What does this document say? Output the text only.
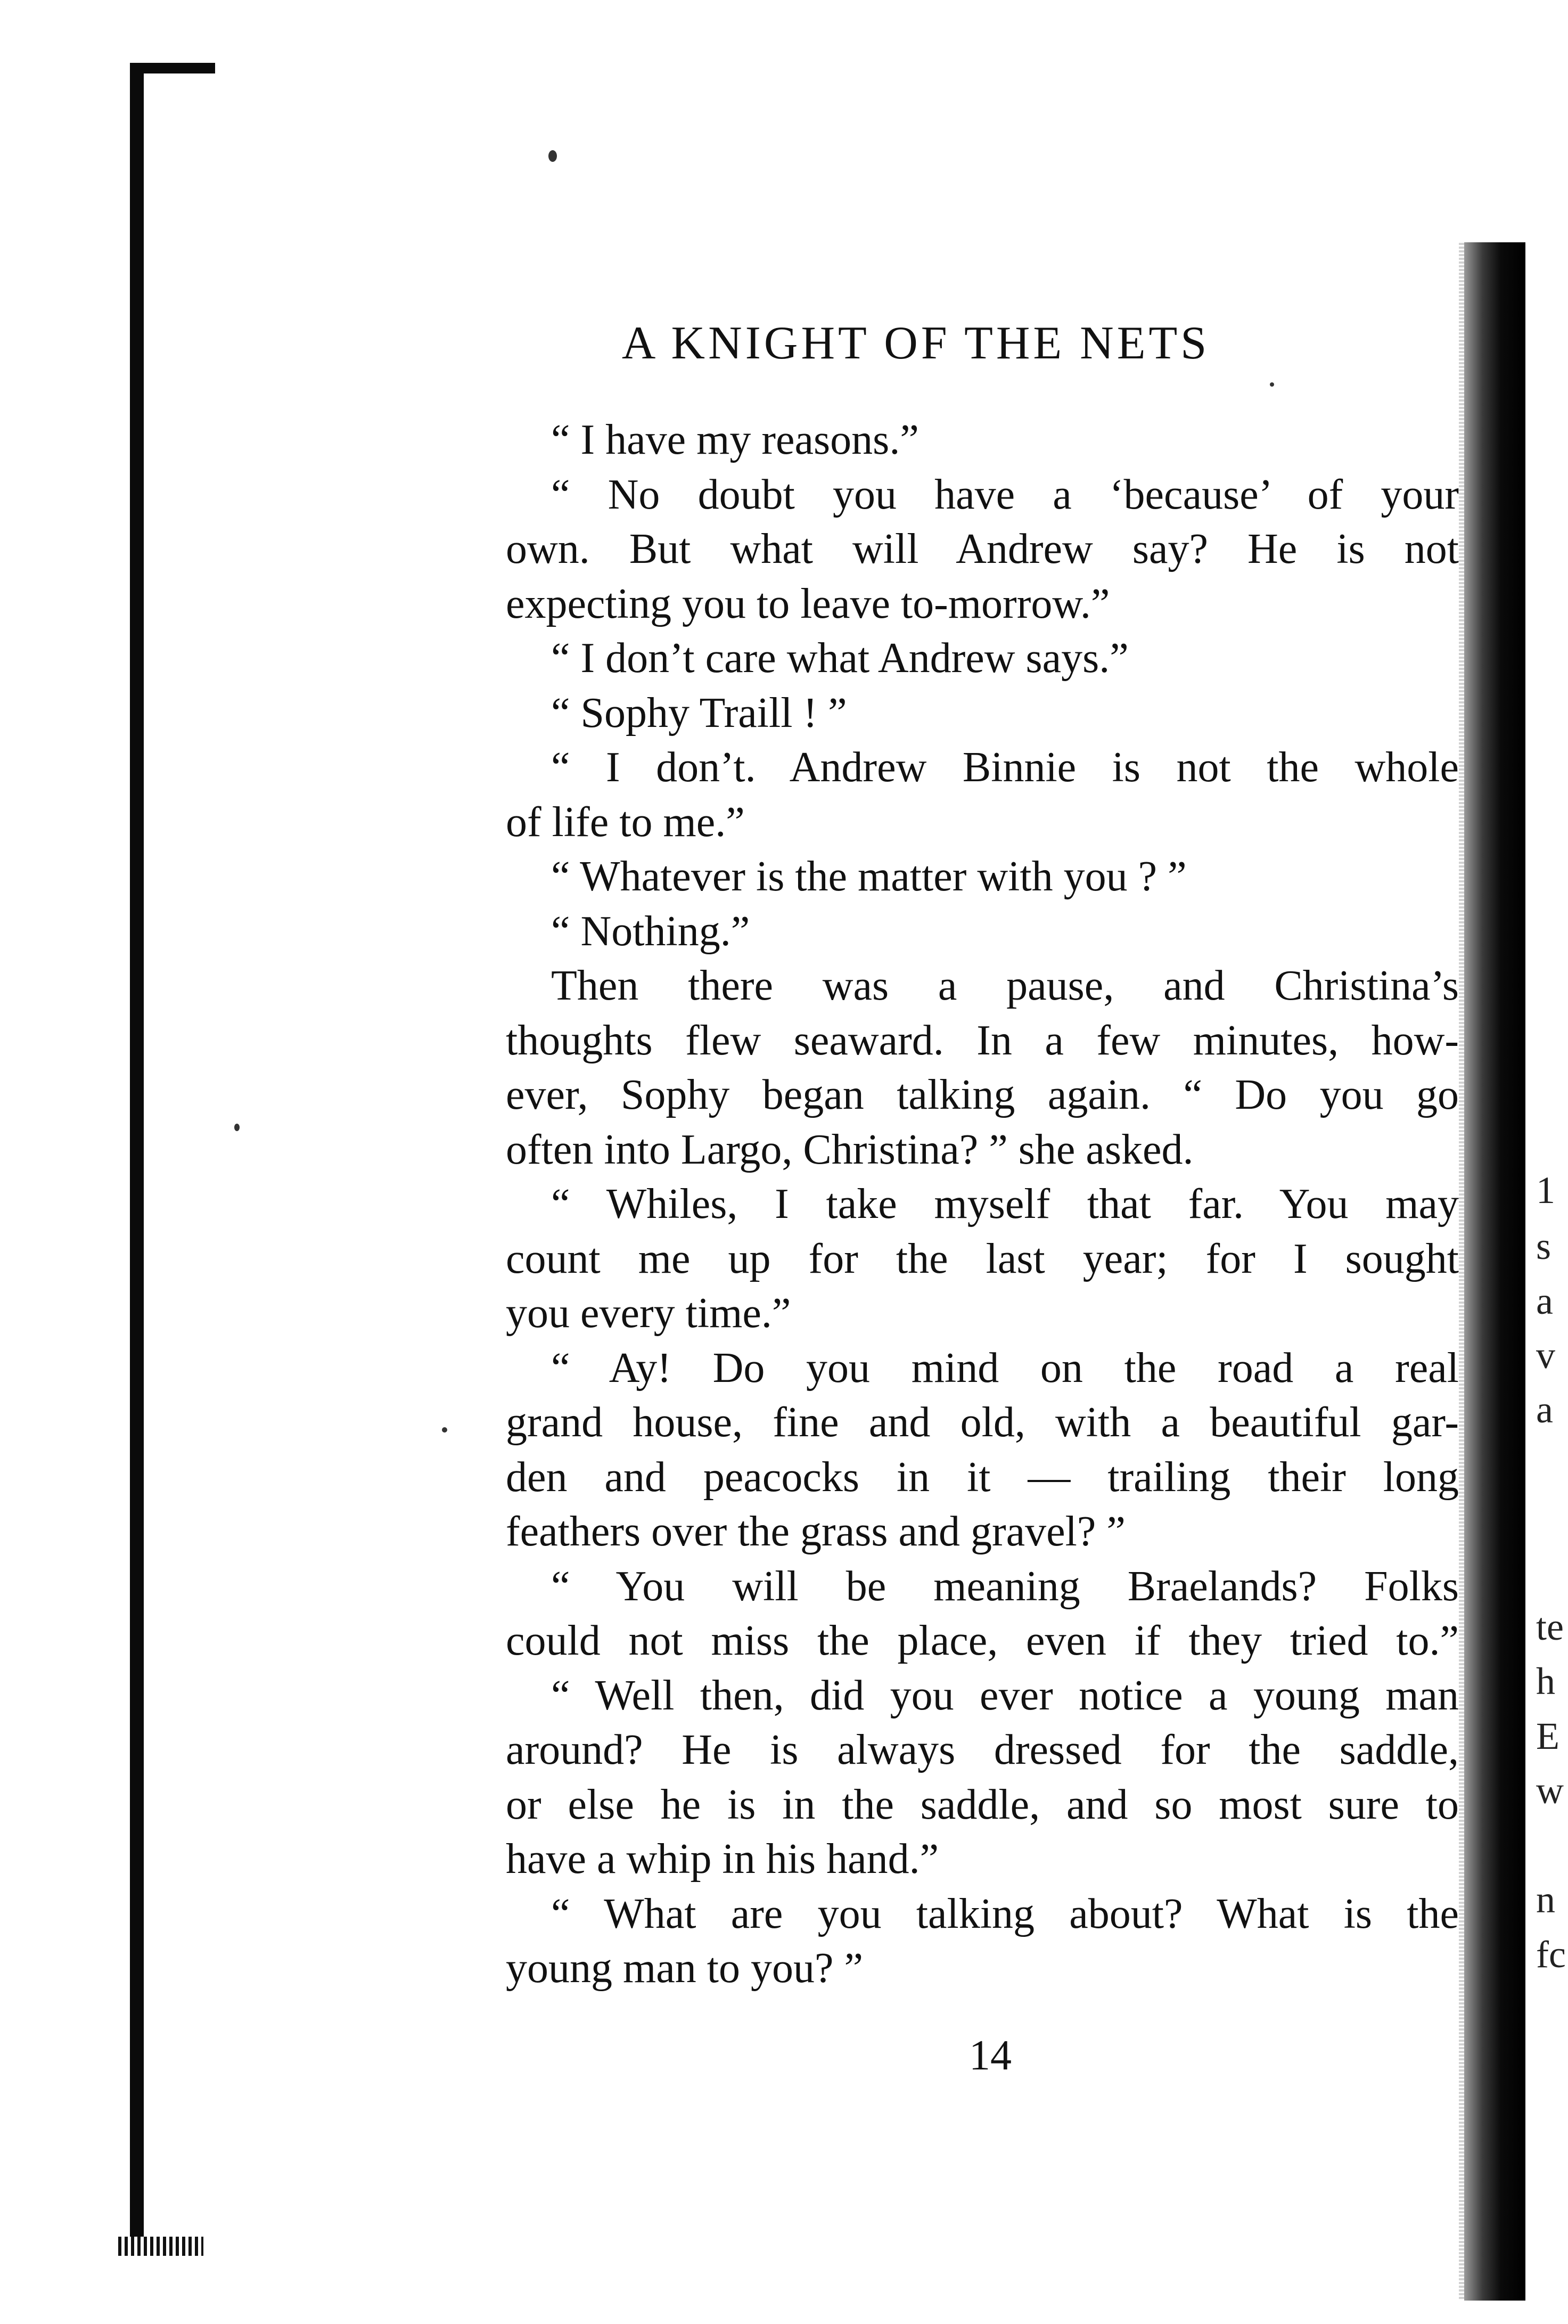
A KNIGHT OF THE NETS
“ I have my reasons.”
“ No doubt you have a ‘because’ of your
own. But what will Andrew say? He is not
expecting you to leave to-morrow.”
“ I don’t care what Andrew says.”
“ Sophy Traill ! ”
“ I don’t. Andrew Binnie is not the whole
of life to me.”
“ Whatever is the matter with you ? ”
“ Nothing.”
Then there was a pause, and Christina’s
thoughts flew seaward. In a few minutes, how-
ever, Sophy began talking again. “ Do you go
often into Largo, Christina? ” she asked.
“ Whiles, I take myself that far. You may
count me up for the last year; for I sought
you every time.”
“ Ay! Do you mind on the road a real
grand house, fine and old, with a beautiful gar-
den and peacocks in it — trailing their long
feathers over the grass and gravel? ”
“ You will be meaning Braelands? Folks
could not miss the place, even if they tried to.”
“ Well then, did you ever notice a young man
around? He is always dressed for the saddle,
or else he is in the saddle, and so most sure to
have a whip in his hand.”
“ What are you talking about? What is the
young man to you? ”
14
1
s
a
v
a
te
h
E
w
n
fc
